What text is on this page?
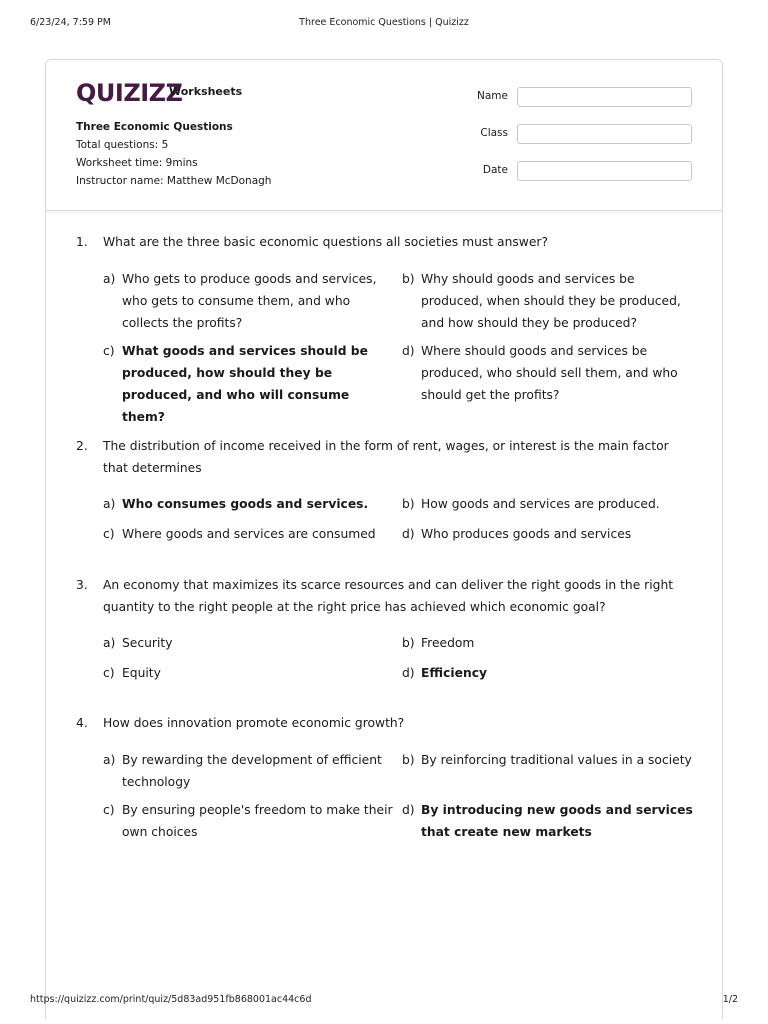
6/23/24, 7:59 PM	Three Economic Questions | Quizizz
QUIZIZZ
Worksheets
Three Economic Questions
Total questions: 5
Worksheet time: 9mins
Instructor name: Matthew McDonagh
Name
Class
Date
1.	What are the three basic economic questions all societies must answer?
a) Who gets to produce goods and services, who gets to consume them, and who collects the profits?
b) Why should goods and services be produced, when should they be produced, and how should they be produced?
c) What goods and services should be produced, how should they be produced, and who will consume them?
d) Where should goods and services be produced, who should sell them, and who should get the profits?
2.	The distribution of income received in the form of rent, wages, or interest is the main factor that determines
a) Who consumes goods and services.	b) How goods and services are produced.
c) Where goods and services are consumed	d) Who produces goods and services
3.	An economy that maximizes its scarce resources and can deliver the right goods in the right quantity to the right people at the right price has achieved which economic goal?
a) Security	b) Freedom
c) Equity	d) Efficiency
4.	How does innovation promote economic growth?
a) By rewarding the development of efficient technology
b) By reinforcing traditional values in a society
c) By ensuring people's freedom to make their own choices
d) By introducing new goods and services that create new markets
https://quizizz.com/print/quiz/5d83ad951fb868001ac44c6d	1/2
